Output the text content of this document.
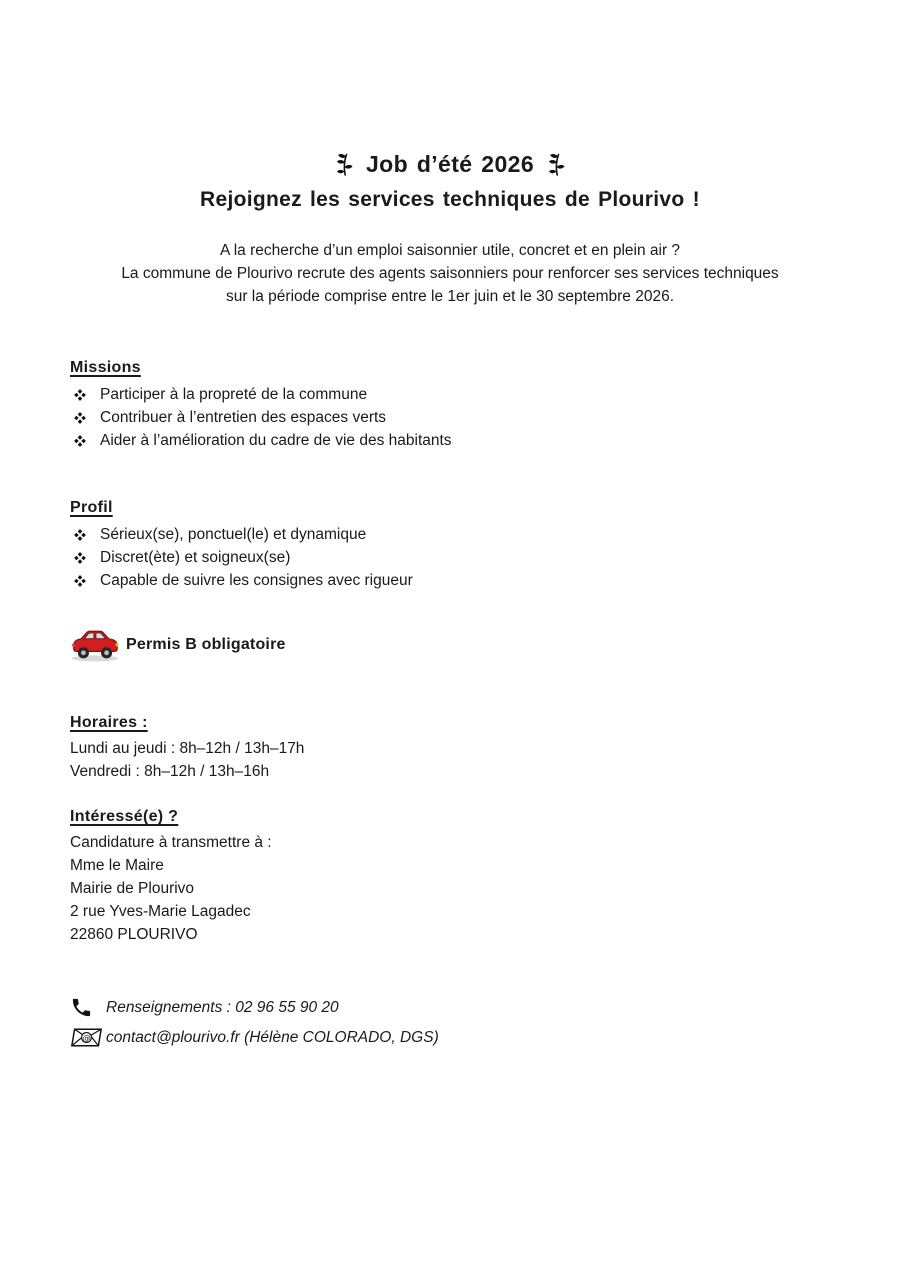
Job d’été 2026
Rejoignez les services techniques de Plourivo !

A la recherche d’un emploi saisonnier utile, concret et en plein air ?
La commune de Plourivo recrute des agents saisonniers pour renforcer ses services techniques
sur la période comprise entre le 1er juin et le 30 septembre 2026.

Missions
Participer à la propreté de la commune
Contribuer à l’entretien des espaces verts
Aider à l’amélioration du cadre de vie des habitants
Profil
Sérieux(se), ponctuel(le) et dynamique
Discret(ète) et soigneux(se)
Capable de suivre les consignes avec rigueur
Permis B obligatoire
Horaires :

Lundi au jeudi : 8h–12h / 13h–17h
Vendredi : 8h–12h / 13h–16h

Intéressé(e) ?

Candidature à transmettre à :
Mme le Maire
Mairie de Plourivo
2 rue Yves-Marie Lagadec
22860 PLOURIVO

Renseignements : 02 96 55 90 20
@ contact@plourivo.fr (Hélène COLORADO, DGS)
